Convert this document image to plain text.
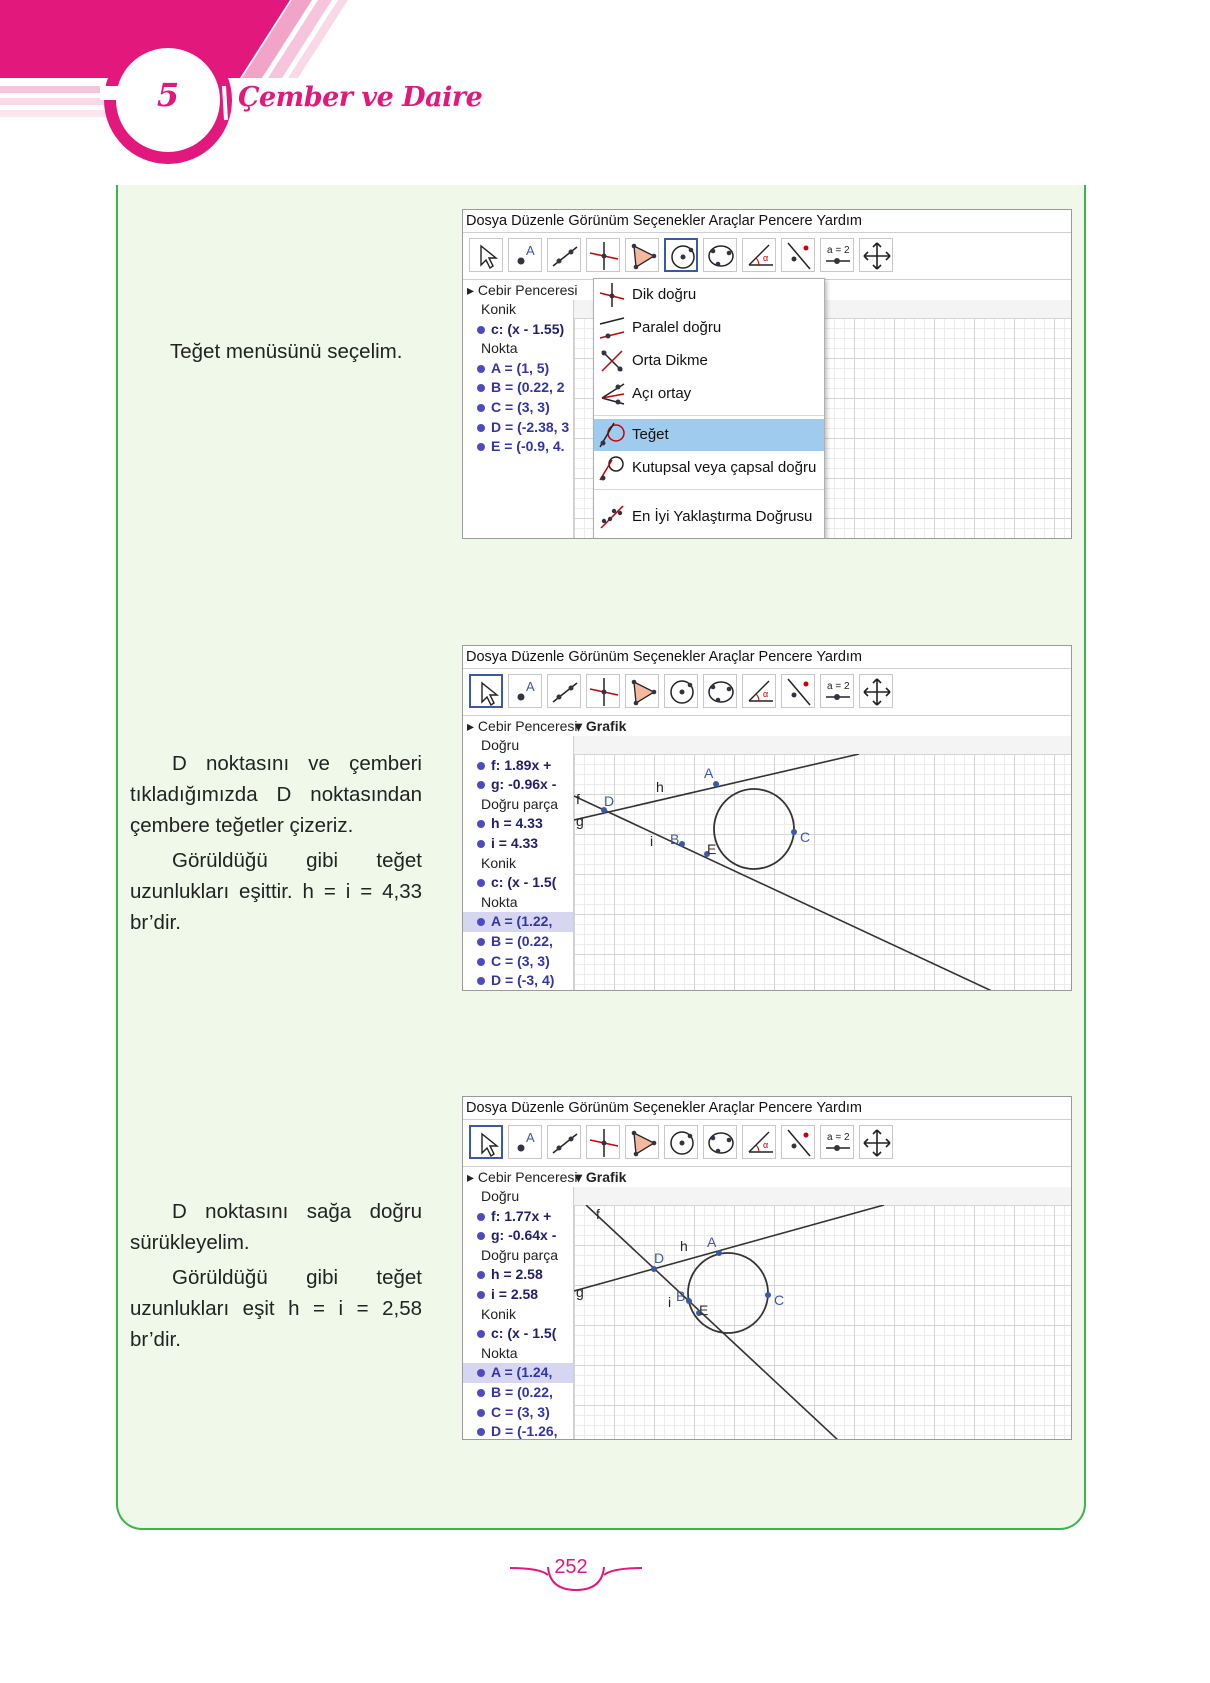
5	Çember ve Daire

Teğet menüsünü seçelim.

D noktasını ve çemberi tıkladığımızda D noktasından çembere teğetler çizeriz.

Görüldüğü gibi teğet uzunlukları eşittir. h = i = 4,33 br’dir.

D noktasını sağa doğru sürükleyelim.

Görüldüğü gibi teğet uzunlukları eşit h = i = 2,58 br’dir.

Dosya Düzenle Görünüm Seçenekler Araçlar Pencere Yardım
A	α
a = 2
▸ Cebir Penceresi
Konik
c: (x - 1.55)
Nokta
A = (1, 5)
B = (0.22, 2
C = (3, 3)
D = (-2.38, 3
E = (-0.9, 4.
Dik doğru
Paralel doğru
Orta Dikme
Açı ortay
Teğet
Kutupsal veya çapsal doğru
En İyi Yaklaştırma Doğrusu
Dosya Düzenle Görünüm Seçenekler Araçlar Pencere Yardım
A	α
a = 2
▸ Cebir Penceresi
▾ Grafik
Doğru
f: 1.89x +
g: -0.96x -
Doğru parça
h = 4.33
i = 4.33
Konik
c: (x - 1.5(
Nokta
A = (1.22,
B = (0.22,
C = (3, 3)
D = (-3, 4)
D
A
C
B
E
f
g
h
i
Dosya Düzenle Görünüm Seçenekler Araçlar Pencere Yardım
A	α
a = 2
▸ Cebir Penceresi
▾ Grafik
Doğru
f: 1.77x +
g: -0.64x -
Doğru parça
h = 2.58
i = 2.58
Konik
c: (x - 1.5(
Nokta
A = (1.24,
B = (0.22,
C = (3, 3)
D = (-1.26,
D
A
C
B
E
f
g
h
i
252
